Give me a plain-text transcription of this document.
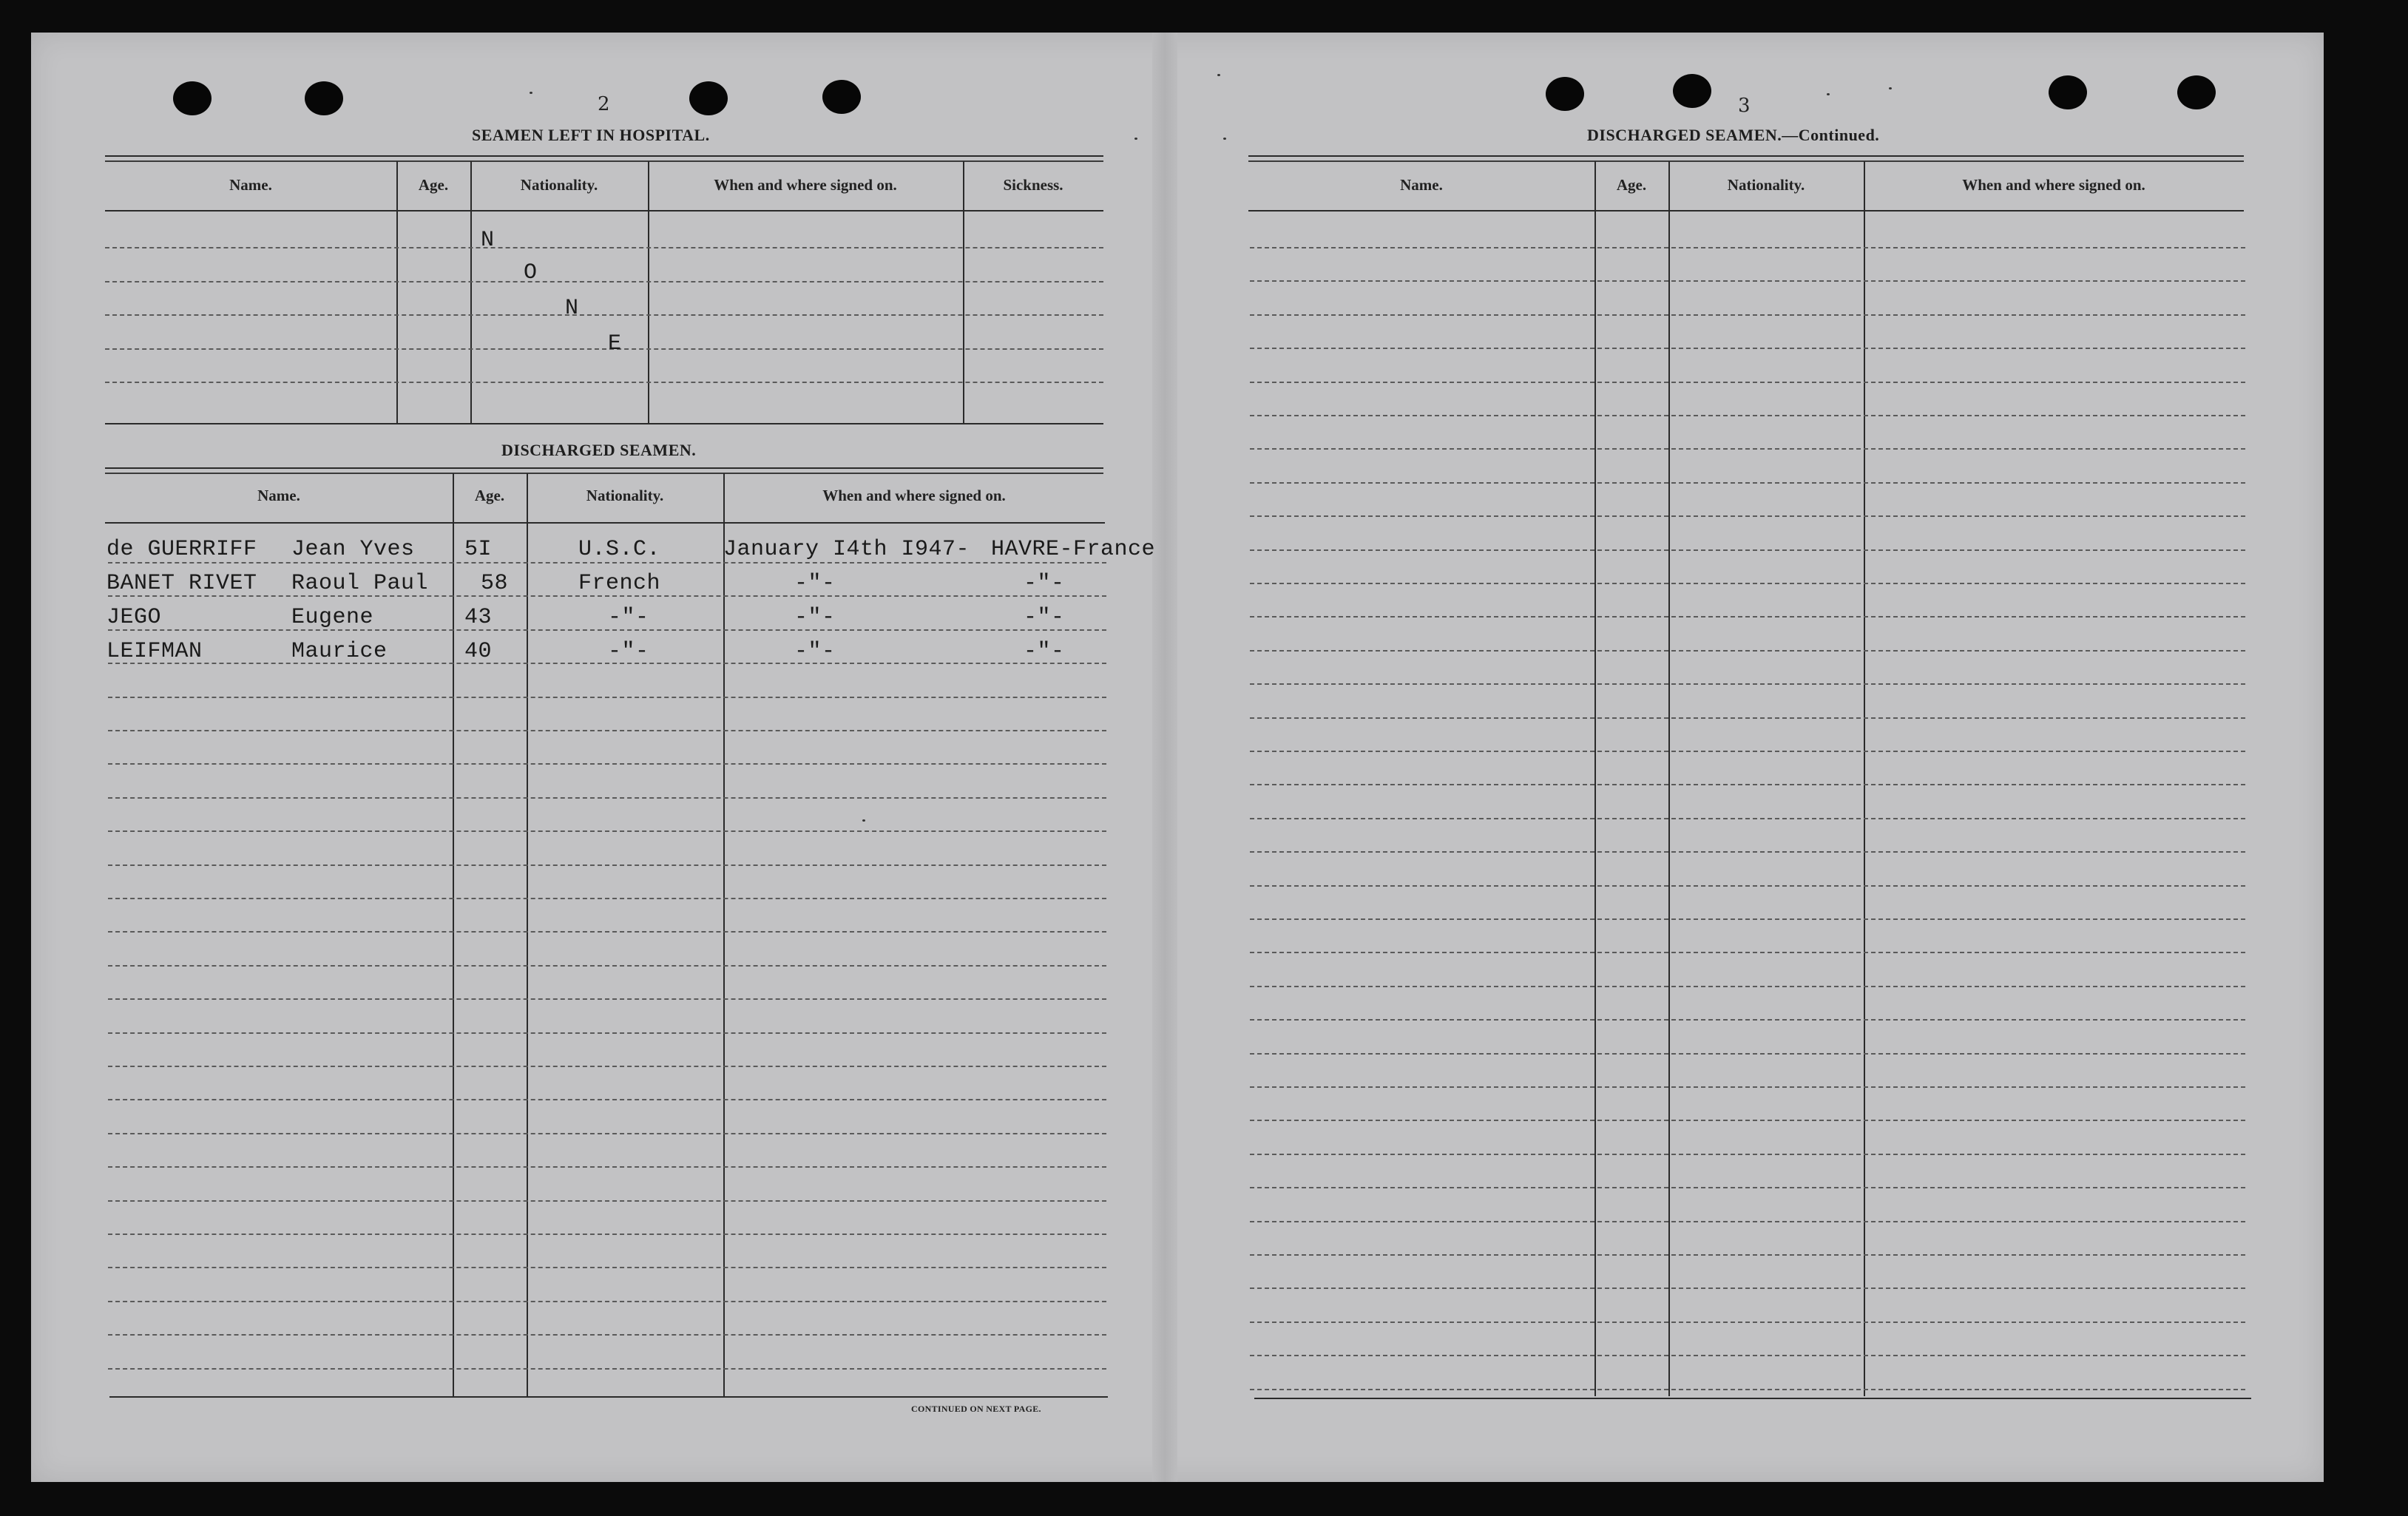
2
SEAMEN LEFT IN HOSPITAL.
Name.	Age.	Nationality.	When and where signed on.	Sickness.
N
O
N
E
DISCHARGED SEAMEN.
Name.	Age.	Nationality.	When and where signed on.
de GUERRIFF Jean Yves 5I	U.S.C.	January I4th I947- HAVRE-France
BANET RIVET Raoul Paul 58	French	-"-	-"-
JEGO	Eugene	43	-"-	-"-	-"-
LEIFMAN	Maurice	40	-"-	-"-	-"-
CONTINUED ON NEXT PAGE.
3
DISCHARGED SEAMEN.—Continued.
Name.	Age.	Nationality.	When and where signed on.
